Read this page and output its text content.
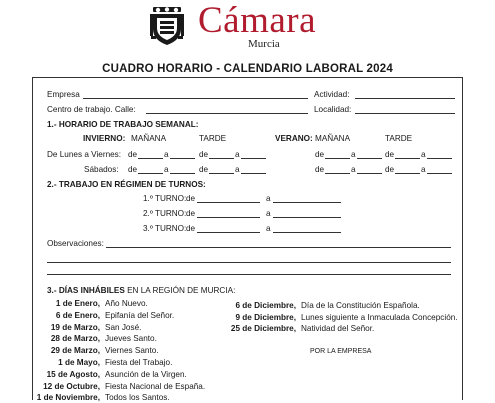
Cámara
Murcia
CUADRO HORARIO - CALENDARIO LABORAL 2024
Empresa	Actividad:
Centro de trabajo. Calle:	Localidad:
1.- HORARIO DE TRABAJO SEMANAL:
INVIERNO: MAÑANA	TARDE	VERANO: MAÑANA	TARDE
De Lunes a Viernes: de	a	de	a	de	a	de	a
Sábados: de	a	de	a	de	a	de	a
2.- TRABAJO EN RÉGIMEN DE TURNOS:
1.º TURNO: de	a
2.º TURNO: de	a
3.º TURNO: de	a
Observaciones:
3.- DÍAS INHÁBILES EN LA REGIÓN DE MURCIA:
1 de Enero, Año Nuevo.
6 de Enero, Epifanía del Señor.
19 de Marzo, San José.
28 de Marzo, Jueves Santo.
29 de Marzo, Viernes Santo.
1 de Mayo, Fiesta del Trabajo.
15 de Agosto, Asunción de la Virgen.
12 de Octubre, Fiesta Nacional de España.
1 de Noviembre, Todos los Santos.
6 de Diciembre, Día de la Constitución Española.
9 de Diciembre, Lunes siguiente a Inmaculada Concepción.
25 de Diciembre, Natividad del Señor.
POR LA EMPRESA
